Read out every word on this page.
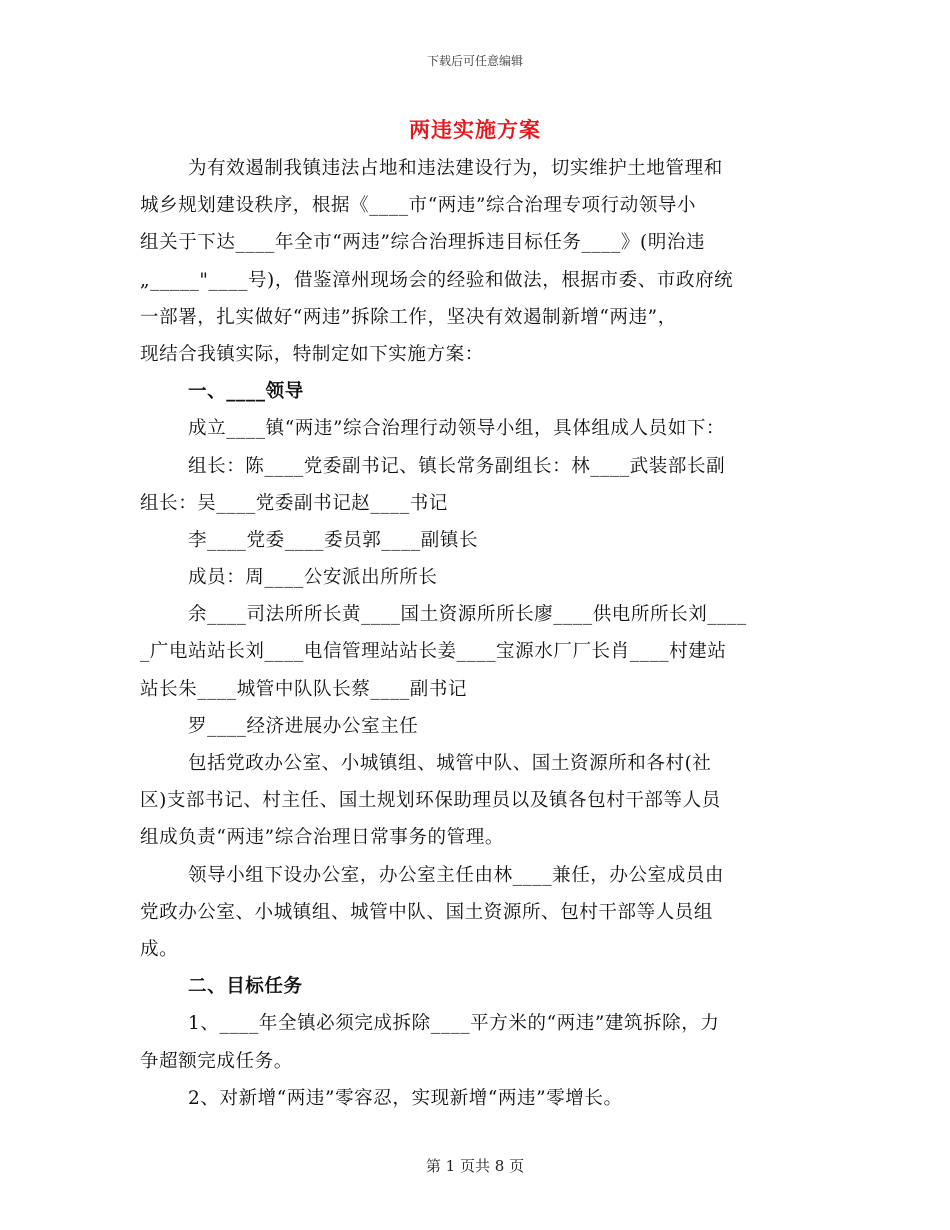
下载后可任意编辑
两违实施方案
为有效遏制我镇违法占地和违法建设行为，切实维护土地管理和
城乡规划建设秩序，根据《____市“两违”综合治理专项行动领导小
组关于下达____年全市“两违”综合治理拆违目标任务____》(明治违
„_____"____号)，借鉴漳州现场会的经验和做法，根据市委、市政府统
一部署，扎实做好“两违”拆除工作，坚决有效遏制新增“两违”，
现结合我镇实际，特制定如下实施方案：
一、____领导
成立____镇“两违”综合治理行动领导小组，具体组成人员如下：
组长：陈____党委副书记、镇长常务副组长：林____武装部长副
组长：吴____党委副书记赵____书记
李____党委____委员郭____副镇长
成员：周____公安派出所所长
余____司法所所长黄____国土资源所所长廖____供电所所长刘____
_广电站站长刘____电信管理站站长姜____宝源水厂厂长肖____村建站
站长朱____城管中队队长蔡____副书记
罗____经济进展办公室主任
包括党政办公室、小城镇组、城管中队、国土资源所和各村(社
区)支部书记、村主任、国土规划环保助理员以及镇各包村干部等人员
组成负责“两违”综合治理日常事务的管理。
领导小组下设办公室，办公室主任由林____兼任，办公室成员由
党政办公室、小城镇组、城管中队、国土资源所、包村干部等人员组
成。
二、目标任务
1、____年全镇必须完成拆除____平方米的“两违”建筑拆除，力
争超额完成任务。
2、对新增“两违”零容忍，实现新增“两违”零增长。
第 1 页共 8 页
